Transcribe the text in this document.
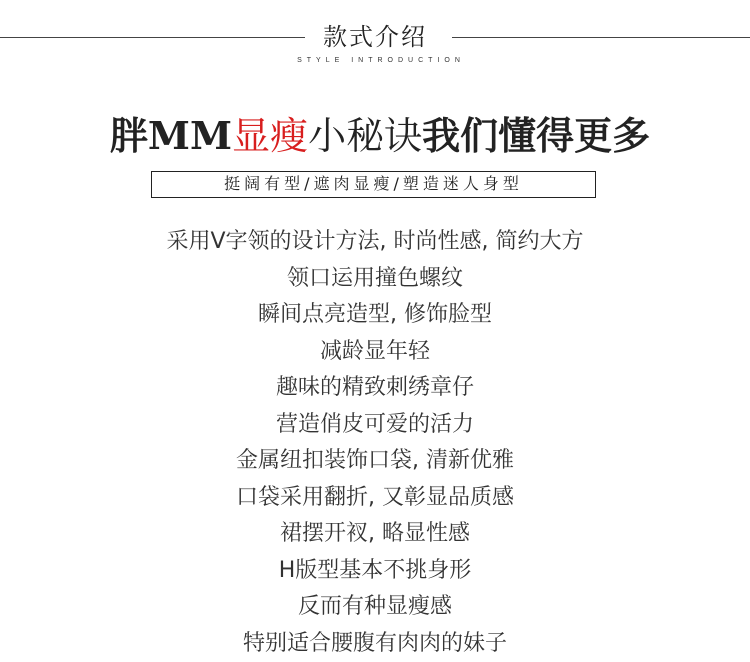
款式介绍
STYLE INTRODUCTION
胖MM显瘦小秘诀我们懂得更多
挺阔有型/遮肉显瘦/塑造迷人身型
采用V字领的设计方法, 时尚性感, 简约大方
领口运用撞色螺纹
瞬间点亮造型, 修饰脸型
减龄显年轻
趣味的精致刺绣章仔
营造俏皮可爱的活力
金属纽扣装饰口袋, 清新优雅
口袋采用翻折, 又彰显品质感
裙摆开衩, 略显性感
H版型基本不挑身形
反而有种显瘦感
特别适合腰腹有肉肉的妹子
